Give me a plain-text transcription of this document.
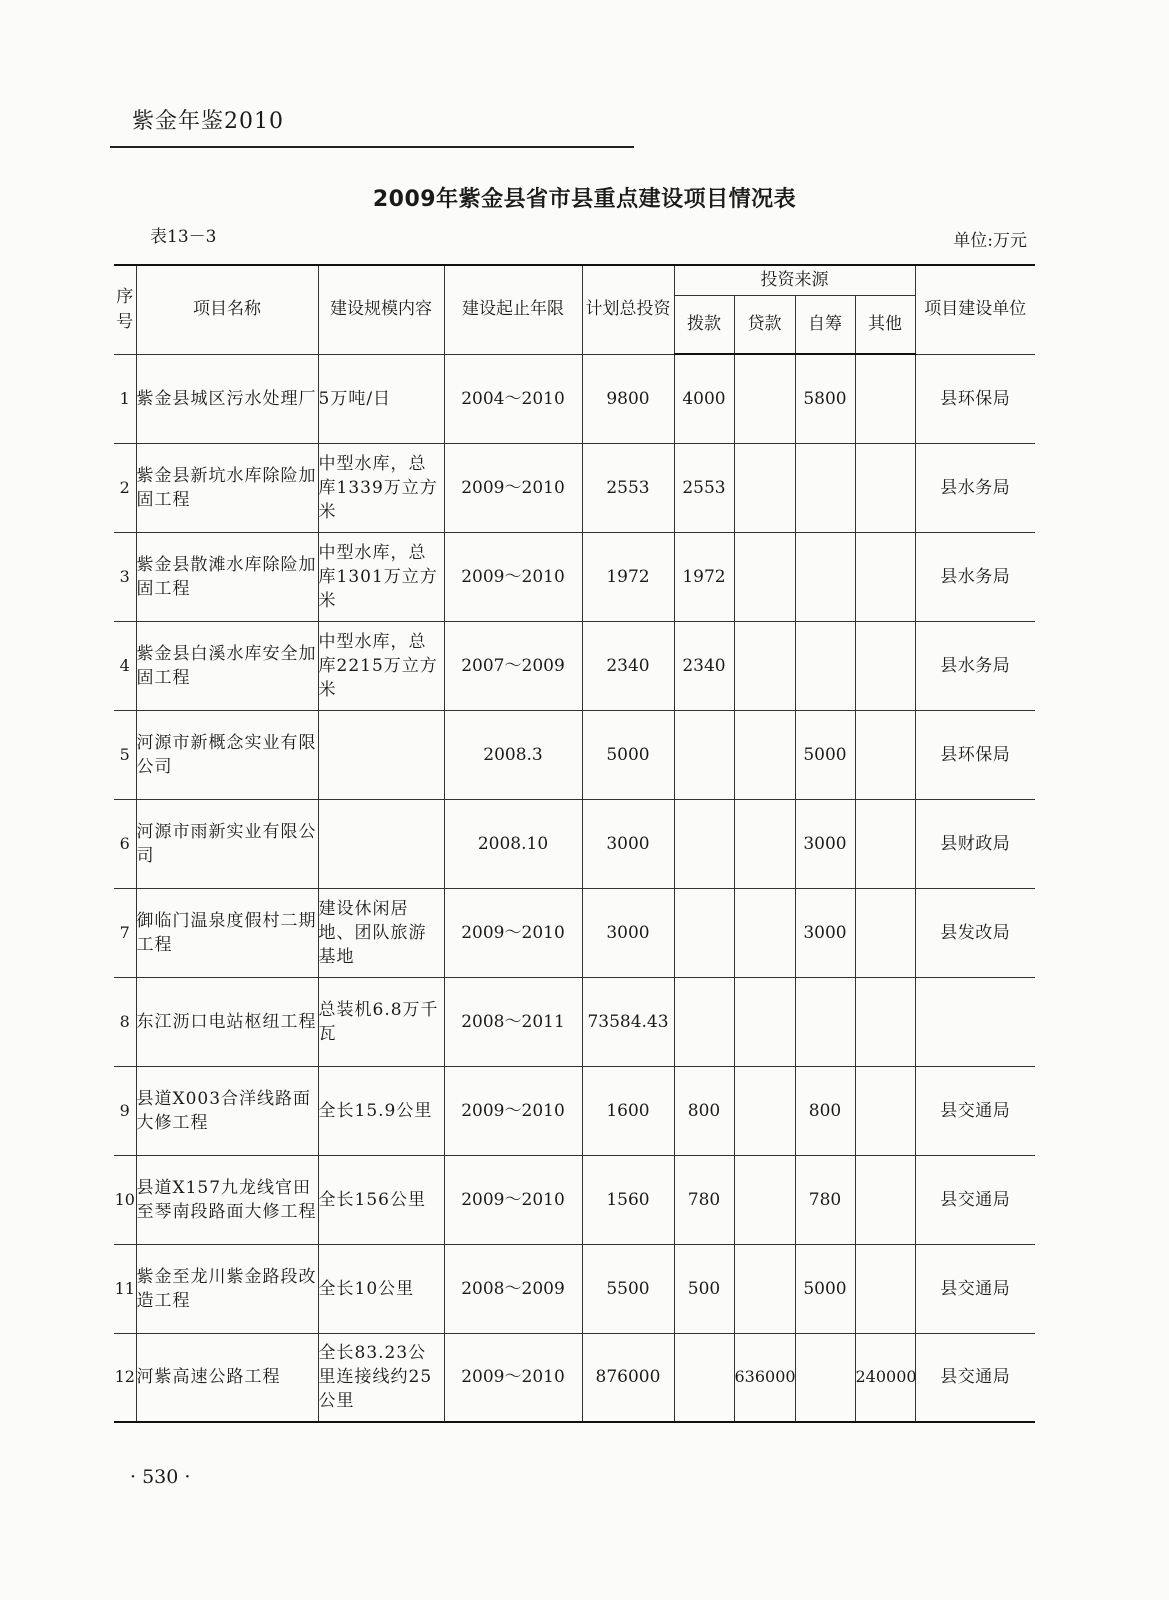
紫金年鉴2010
2009年紫金县省市县重点建设项目情况表
表13－3	单位:万元
序号	项目名称	建设规模内容	建设起止年限	计划总投资	投资来源				项目建设单位
					拨款	贷款	自筹	其他	
1	紫金县城区污水处理厂	5万吨/日	2004～2010	9800	4000		5800		县环保局
2	紫金县新坑水库除险加固工程	中型水库，总库1339万立方米	2009～2010	2553	2553				县水务局
3	紫金县散滩水库除险加固工程	中型水库，总库1301万立方米	2009～2010	1972	1972				县水务局
4	紫金县白溪水库安全加固工程	中型水库，总库2215万立方米	2007～2009	2340	2340				县水务局
5	河源市新概念实业有限公司		2008.3	5000			5000		县环保局
6	河源市雨新实业有限公司		2008.10	3000			3000		县财政局
7	御临门温泉度假村二期工程	建设休闲居地、团队旅游基地	2009～2010	3000			3000		县发改局
8	东江沥口电站枢纽工程	总装机6.8万千瓦	2008～2011	73584.43					
9	县道X003合洋线路面大修工程	全长15.9公里	2009～2010	1600	800		800		县交通局
10	县道X157九龙线官田至琴南段路面大修工程	全长156公里	2009～2010	1560	780		780		县交通局
11	紫金至龙川紫金路段改造工程	全长10公里	2008～2009	5500	500		5000		县交通局
12	河紫高速公路工程	全长83.23公里连接线约25公里	2009～2010	876000		636000		240000	县交通局
· 530 ·
